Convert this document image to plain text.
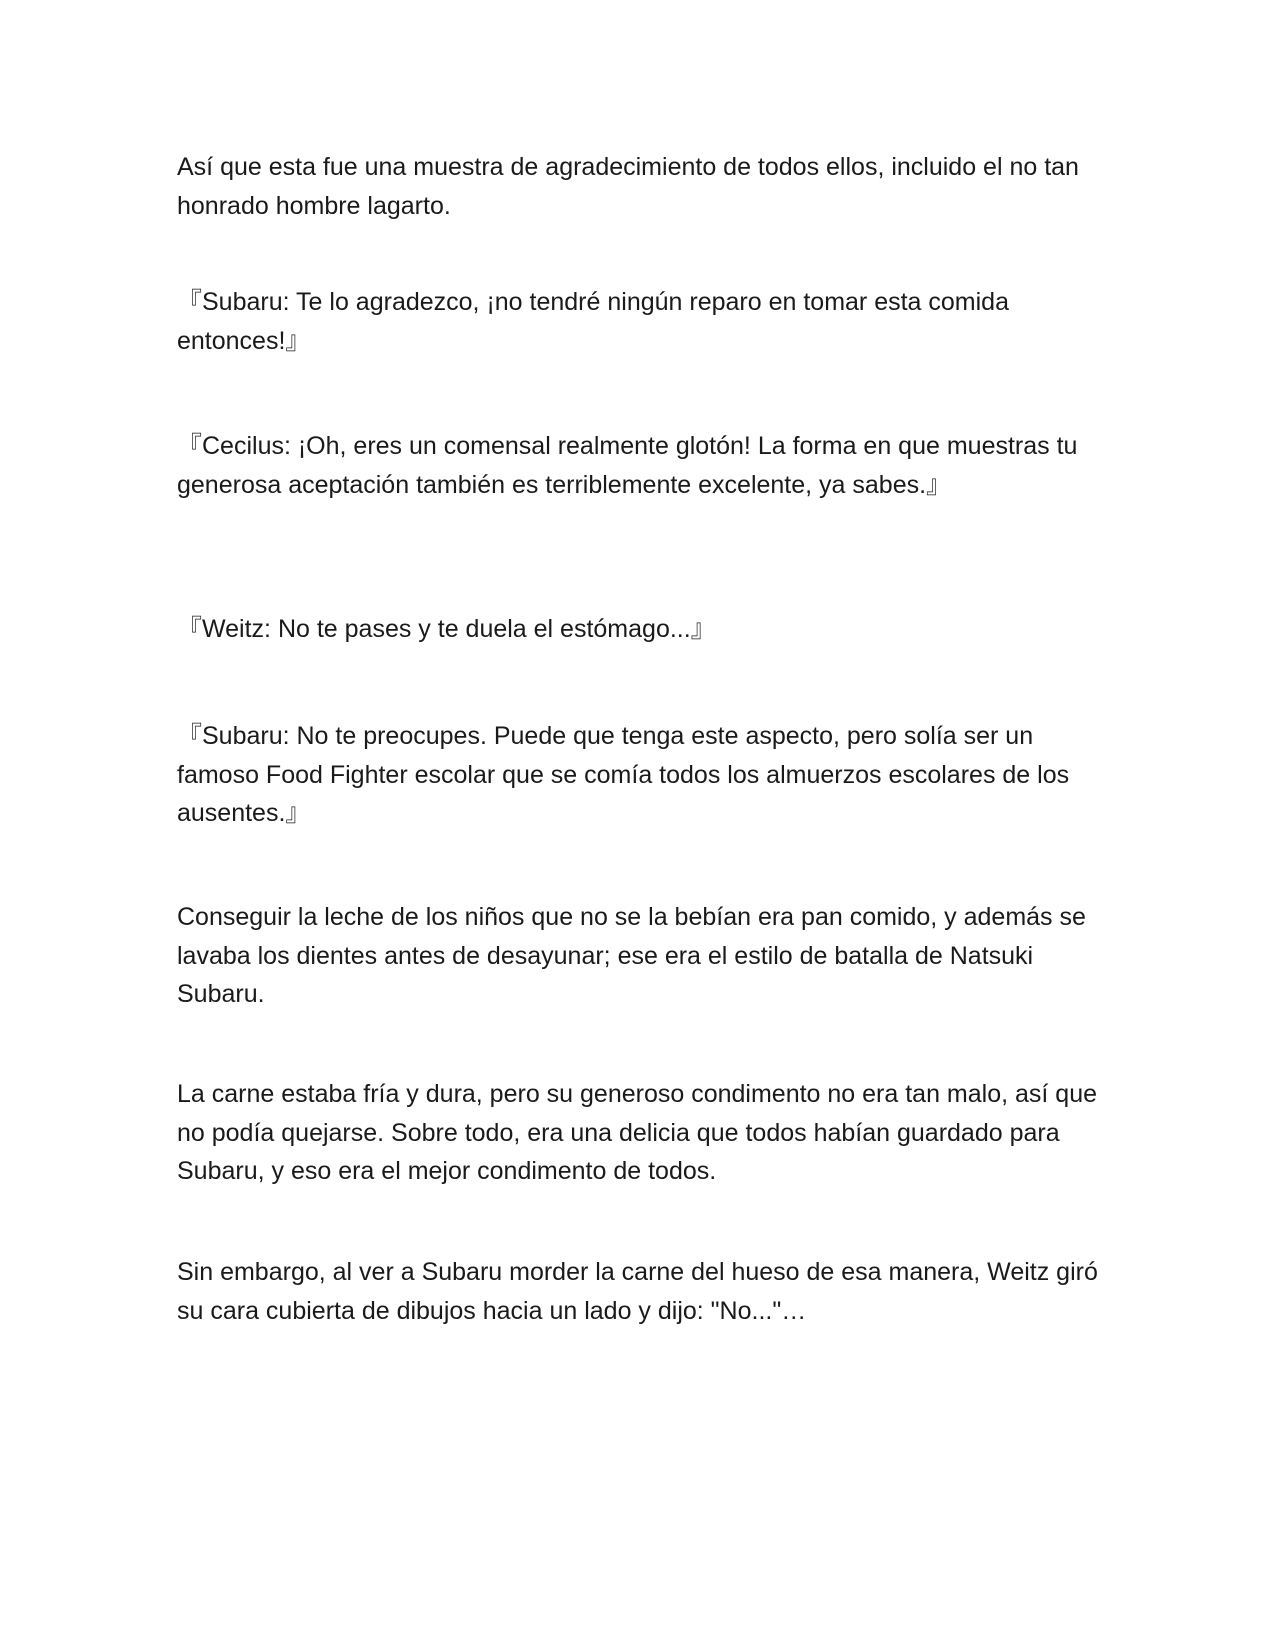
Así que esta fue una muestra de agradecimiento de todos ellos, incluido el no tan honrado hombre lagarto.

『Subaru: Te lo agradezco, ¡no tendré ningún reparo en tomar esta comida entonces!』

『Cecilus: ¡Oh, eres un comensal realmente glotón! La forma en que muestras tu generosa aceptación también es terriblemente excelente, ya sabes.』

『Weitz: No te pases y te duela el estómago...』

『Subaru: No te preocupes. Puede que tenga este aspecto, pero solía ser un famoso Food Fighter escolar que se comía todos los almuerzos escolares de los ausentes.』

Conseguir la leche de los niños que no se la bebían era pan comido, y además se lavaba los dientes antes de desayunar; ese era el estilo de batalla de Natsuki Subaru.

La carne estaba fría y dura, pero su generoso condimento no era tan malo, así que no podía quejarse. Sobre todo, era una delicia que todos habían guardado para Subaru, y eso era el mejor condimento de todos.

Sin embargo, al ver a Subaru morder la carne del hueso de esa manera, Weitz giró su cara cubierta de dibujos hacia un lado y dijo: "No..."…
